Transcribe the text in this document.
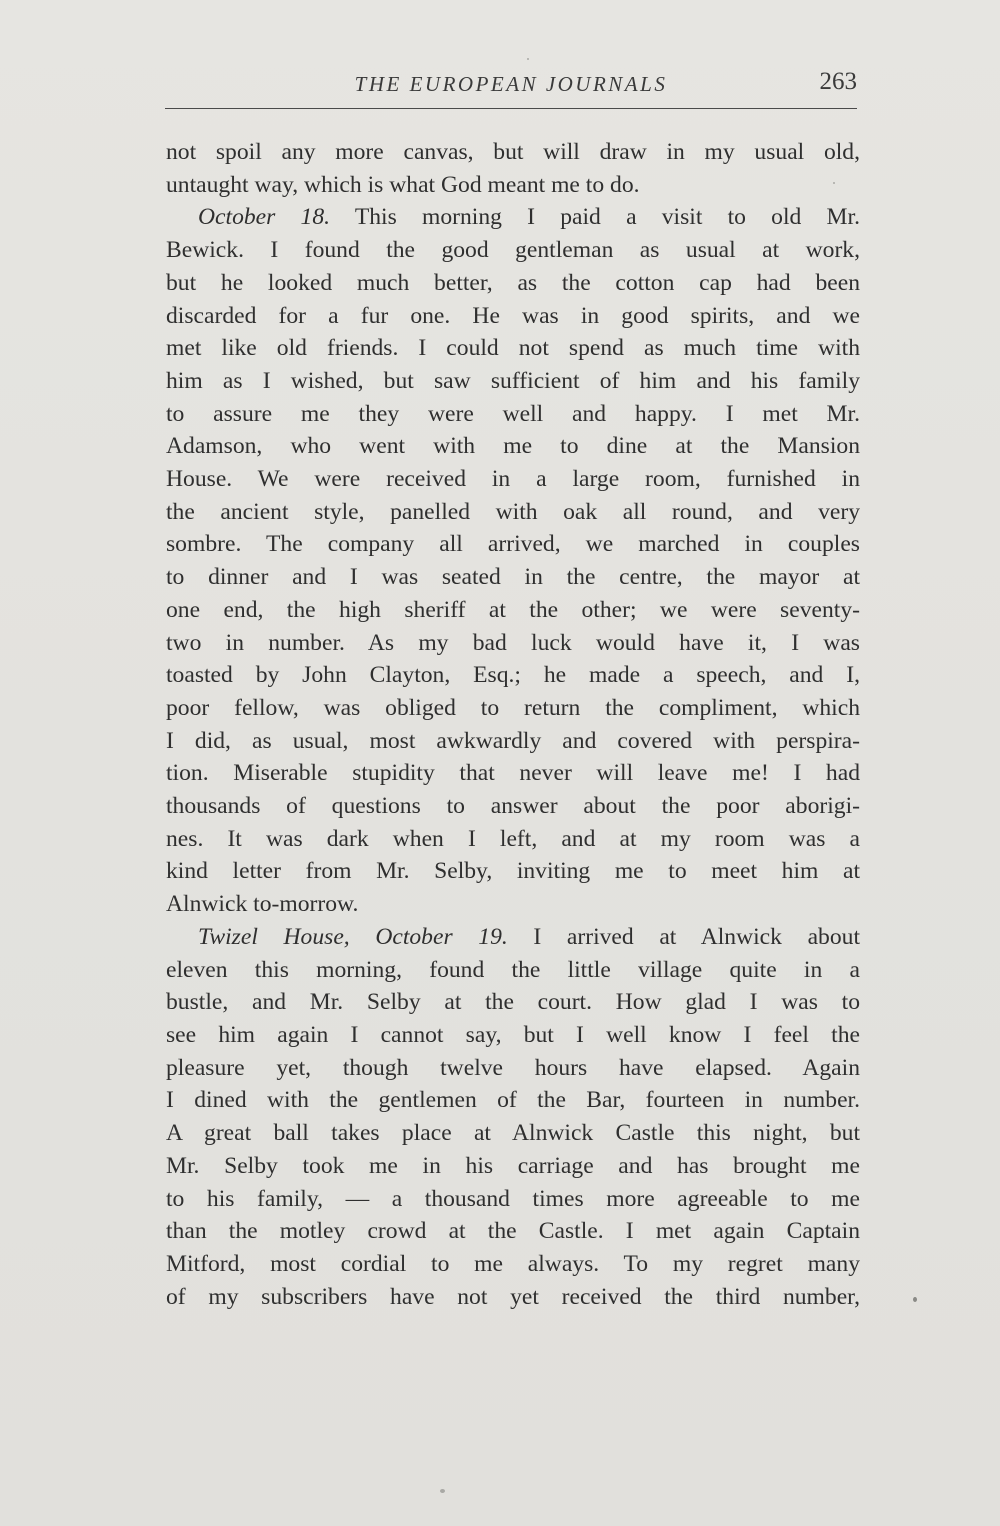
THE EUROPEAN JOURNALS	263

not spoil any more canvas, but will draw in my usual old,

untaught way, which is what God meant me to do.

October 18. This morning I paid a visit to old Mr.

Bewick. I found the good gentleman as usual at work,

but he looked much better, as the cotton cap had been

discarded for a fur one. He was in good spirits, and we

met like old friends. I could not spend as much time with

him as I wished, but saw sufficient of him and his family

to assure me they were well and happy. I met Mr.

Adamson, who went with me to dine at the Mansion

House. We were received in a large room, furnished in

the ancient style, panelled with oak all round, and very

sombre. The company all arrived, we marched in couples

to dinner and I was seated in the centre, the mayor at

one end, the high sheriff at the other; we were seventy-

two in number. As my bad luck would have it, I was

toasted by John Clayton, Esq.; he made a speech, and I,

poor fellow, was obliged to return the compliment, which

I did, as usual, most awkwardly and covered with perspira-

tion. Miserable stupidity that never will leave me! I had

thousands of questions to answer about the poor aborigi-

nes. It was dark when I left, and at my room was a

kind letter from Mr. Selby, inviting me to meet him at

Alnwick to-morrow.

Twizel House, October 19. I arrived at Alnwick about

eleven this morning, found the little village quite in a

bustle, and Mr. Selby at the court. How glad I was to

see him again I cannot say, but I well know I feel the

pleasure yet, though twelve hours have elapsed. Again

I dined with the gentlemen of the Bar, fourteen in number.

A great ball takes place at Alnwick Castle this night, but

Mr. Selby took me in his carriage and has brought me

to his family, — a thousand times more agreeable to me

than the motley crowd at the Castle. I met again Captain

Mitford, most cordial to me always. To my regret many

of my subscribers have not yet received the third number,
